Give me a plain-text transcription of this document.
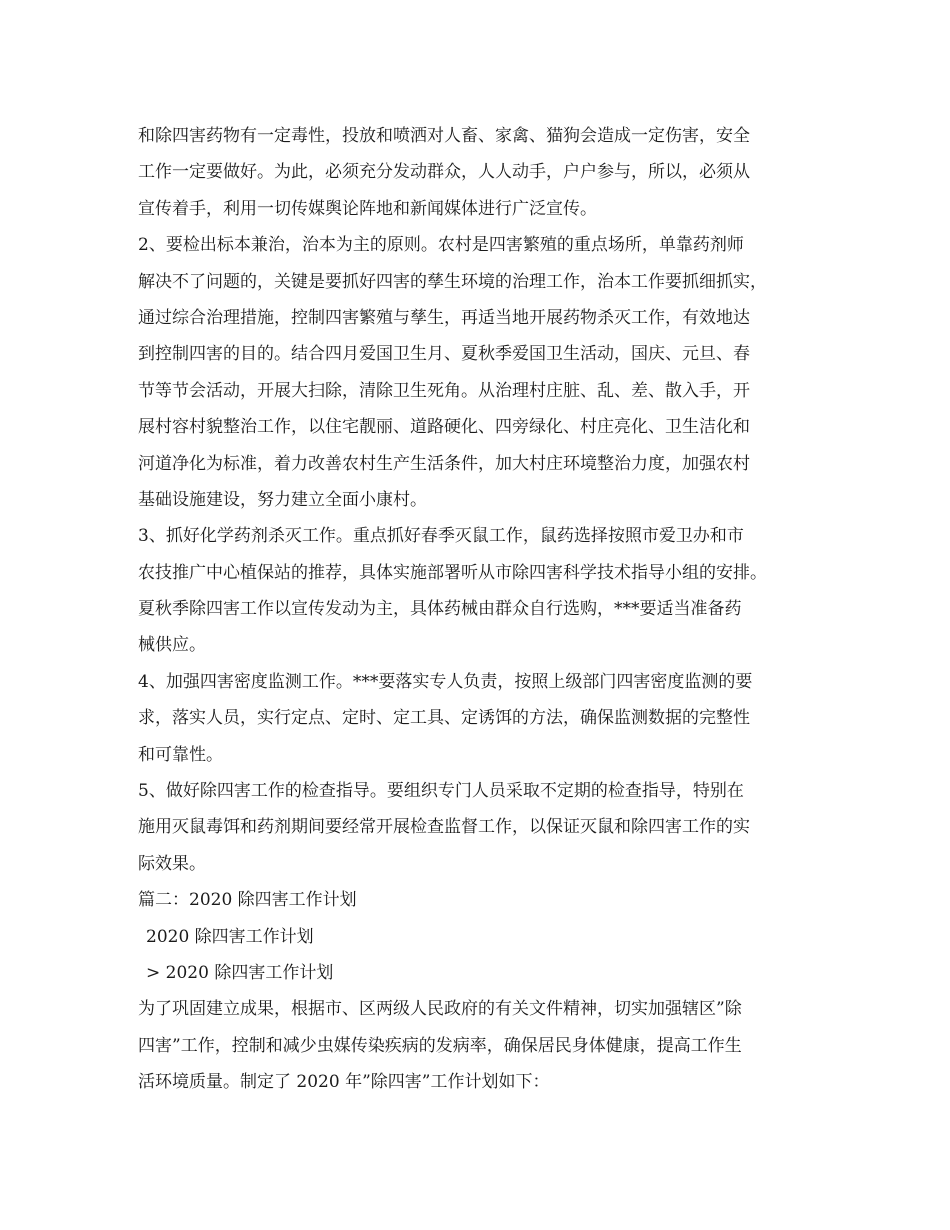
和除四害药物有一定毒性，投放和喷洒对人畜、家禽、猫狗会造成一定伤害，安全
工作一定要做好。为此，必须充分发动群众，人人动手，户户参与，所以，必须从
宣传着手，利用一切传媒舆论阵地和新闻媒体进行广泛宣传。
2、要检出标本兼治，治本为主的原则。农村是四害繁殖的重点场所，单靠药剂师
解决不了问题的，关键是要抓好四害的孳生环境的治理工作，治本工作要抓细抓实，
通过综合治理措施，控制四害繁殖与孳生，再适当地开展药物杀灭工作，有效地达
到控制四害的目的。结合四月爱国卫生月、夏秋季爱国卫生活动，国庆、元旦、春
节等节会活动，开展大扫除，清除卫生死角。从治理村庄脏、乱、差、散入手，开
展村容村貌整治工作，以住宅靓丽、道路硬化、四旁绿化、村庄亮化、卫生洁化和
河道净化为标准，着力改善农村生产生活条件，加大村庄环境整治力度，加强农村
基础设施建设，努力建立全面小康村。
3、抓好化学药剂杀灭工作。重点抓好春季灭鼠工作，鼠药选择按照市爱卫办和市
农技推广中心植保站的推荐，具体实施部署听从市除四害科学技术指导小组的安排。
夏秋季除四害工作以宣传发动为主，具体药械由群众自行选购，***要适当准备药
械供应。
4、加强四害密度监测工作。***要落实专人负责，按照上级部门四害密度监测的要
求，落实人员，实行定点、定时、定工具、定诱饵的方法，确保监测数据的完整性
和可靠性。
5、做好除四害工作的检查指导。要组织专门人员采取不定期的检查指导，特别在
施用灭鼠毒饵和药剂期间要经常开展检查监督工作，以保证灭鼠和除四害工作的实
际效果。
篇二：2020 除四害工作计划
2020 除四害工作计划
> 2020 除四害工作计划
为了巩固建立成果，根据市、区两级人民政府的有关文件精神，切实加强辖区”除
四害”工作，控制和减少虫媒传染疾病的发病率，确保居民身体健康，提高工作生
活环境质量。制定了 2020 年”除四害”工作计划如下：
